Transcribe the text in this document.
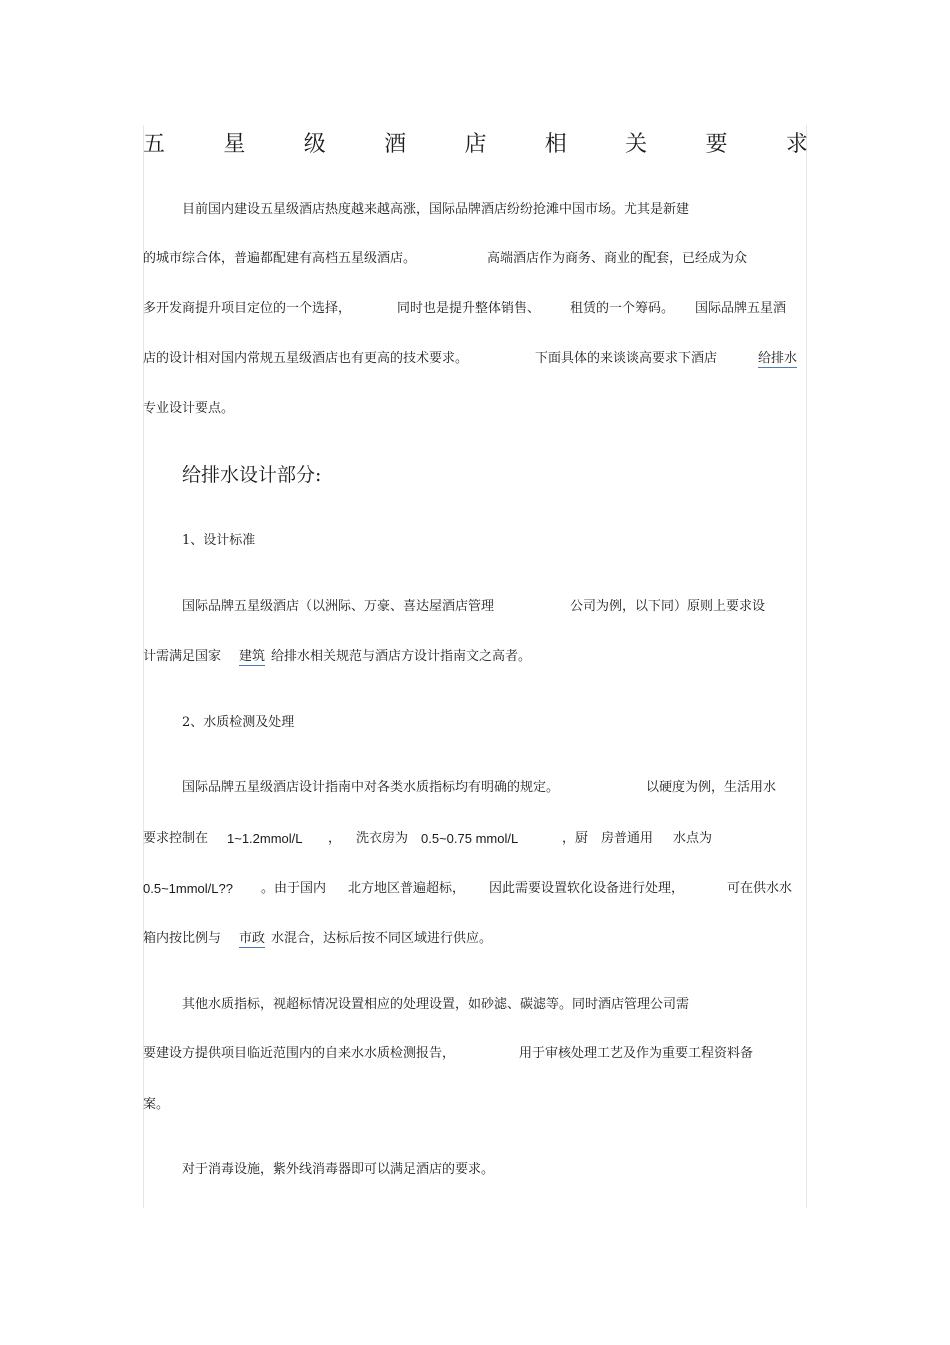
五	星	级	酒	店	相	关	要	求
目前国内建设五星级酒店热度越来越高涨，国际品牌酒店纷纷抢滩中国市场。尤其是新建
的城市综合体，普遍都配建有高档五星级酒店。	高端酒店作为商务、商业的配套，已经成为众
多开发商提升项目定位的一个选择，	同时也是提升整体销售、 租赁的一个筹码。 国际品牌五星酒
店的设计相对国内常规五星级酒店也有更高的技术要求。	下面具体的来谈谈高要求下酒店	给排水
专业设计要点。
给排水设计部分:
1、设计标准
国际品牌五星级酒店（以洲际、万豪、喜达屋酒店管理	公司为例，以下同）原则上要求设
计需满足国家 建筑 给排水相关规范与酒店方设计指南文之高者。
2、水质检测及处理
国际品牌五星级酒店设计指南中对各类水质指标均有明确的规定。	以硬度为例，生活用水
要求控制在 1~1.2mmol/L ， 洗衣房为 0.5~0.75 mmol/L	，厨 房普通用 水点为
0.5~1mmol/L?? 。由于国内 北方地区普遍超标， 因此需要设置软化设备进行处理，	可在供水水
箱内按比例与 市政 水混合，达标后按不同区域进行供应。
其他水质指标，视超标情况设置相应的处理设置，如砂滤、碳滤等。同时酒店管理公司需
要建设方提供项目临近范围内的自来水水质检测报告，	用于审核处理工艺及作为重要工程资料备
案。
对于消毒设施，紫外线消毒器即可以满足酒店的要求。
